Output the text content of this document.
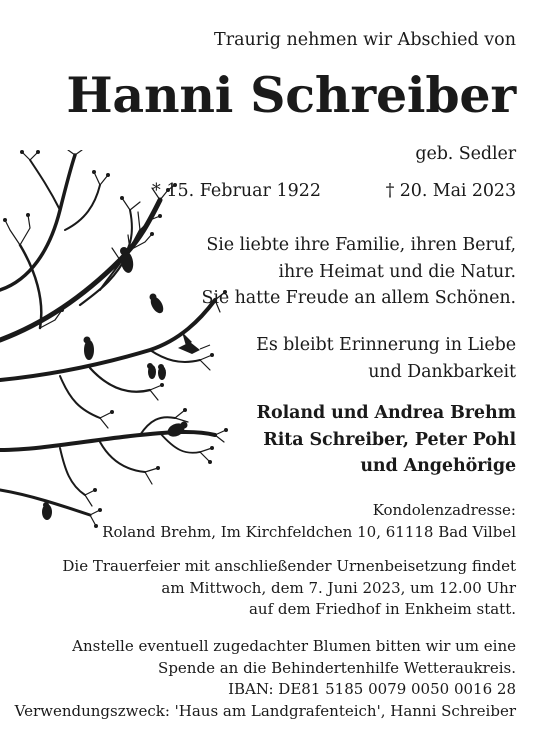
Traurig nehmen wir Abschied von
Hanni Schreiber
geb. Sedler
* 15. Februar 1922	† 20. Mai 2023
Sie liebte ihre Familie, ihren Beruf,
ihre Heimat und die Natur.
Sie hatte Freude an allem Schönen.
Es bleibt Erinnerung in Liebe
und Dankbarkeit
Roland und Andrea Brehm
Rita Schreiber, Peter Pohl
und Angehörige
Kondolenzadresse:
Roland Brehm, Im Kirchfeldchen 10, 61118 Bad Vilbel
Die Trauerfeier mit anschließender Urnenbeisetzung findet
am Mittwoch, dem 7. Juni 2023, um 12.00 Uhr
auf dem Friedhof in Enkheim statt.
Anstelle eventuell zugedachter Blumen bitten wir um eine
Spende an die Behindertenhilfe Wetteraukreis.
IBAN: DE81 5185 0079 0050 0016 28
Verwendungszweck: 'Haus am Landgrafenteich', Hanni Schreiber
